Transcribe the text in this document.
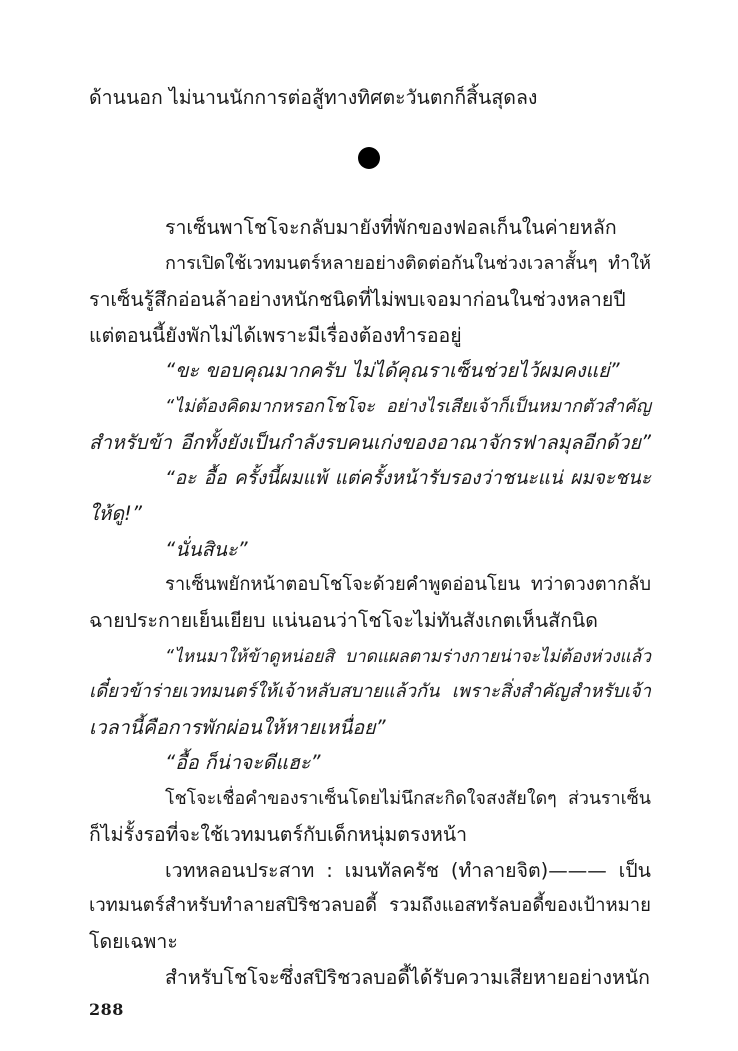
ด้านนอก ไม่นานนักการต่อสู้ทางทิศตะวันตกก็สิ้นสุดลง
ราเซ็นพาโชโจะกลับมายังที่พักของฟอลเก็นในค่ายหลัก
การเปิดใช้เวทมนตร์หลายอย่างติดต่อกันในช่วงเวลาสั้นๆ ทำให้
ราเซ็นรู้สึกอ่อนล้าอย่างหนักชนิดที่ไม่พบเจอมาก่อนในช่วงหลายปี
แต่ตอนนี้ยังพักไม่ได้เพราะมีเรื่องต้องทำรออยู่
“ขะ ขอบคุณมากครับ ไม่ได้คุณราเซ็นช่วยไว้ผมคงแย่”
“ไม่ต้องคิดมากหรอกโชโจะ อย่างไรเสียเจ้าก็เป็นหมากตัวสำคัญ
สำหรับข้า อีกทั้งยังเป็นกำลังรบคนเก่งของอาณาจักรฟาลมุลอีกด้วย”
“อะ อื้อ ครั้งนี้ผมแพ้ แต่ครั้งหน้ารับรองว่าชนะแน่ ผมจะชนะ
ให้ดู!”
“นั่นสินะ”
ราเซ็นพยักหน้าตอบโชโจะด้วยคำพูดอ่อนโยน ทว่าดวงตากลับ
ฉายประกายเย็นเยียบ แน่นอนว่าโชโจะไม่ทันสังเกตเห็นสักนิด
“ไหนมาให้ข้าดูหน่อยสิ บาดแผลตามร่างกายน่าจะไม่ต้องห่วงแล้ว
เดี๋ยวข้าร่ายเวทมนตร์ให้เจ้าหลับสบายแล้วกัน เพราะสิ่งสำคัญสำหรับเจ้า
เวลานี้คือการพักผ่อนให้หายเหนื่อย”
“อื้อ ก็น่าจะดีแฮะ”
โชโจะเชื่อคำของราเซ็นโดยไม่นึกสะกิดใจสงสัยใดๆ ส่วนราเซ็น
ก็ไม่รั้งรอที่จะใช้เวทมนตร์กับเด็กหนุ่มตรงหน้า
เวทหลอนประสาท : เมนทัลครัช (ทำลายจิต)——— เป็น
เวทมนตร์สำหรับทำลายสปิริชวลบอดี้ รวมถึงแอสทรัลบอดี้ของเป้าหมาย
โดยเฉพาะ
สำหรับโชโจะซึ่งสปิริชวลบอดี้ได้รับความเสียหายอย่างหนัก
288
